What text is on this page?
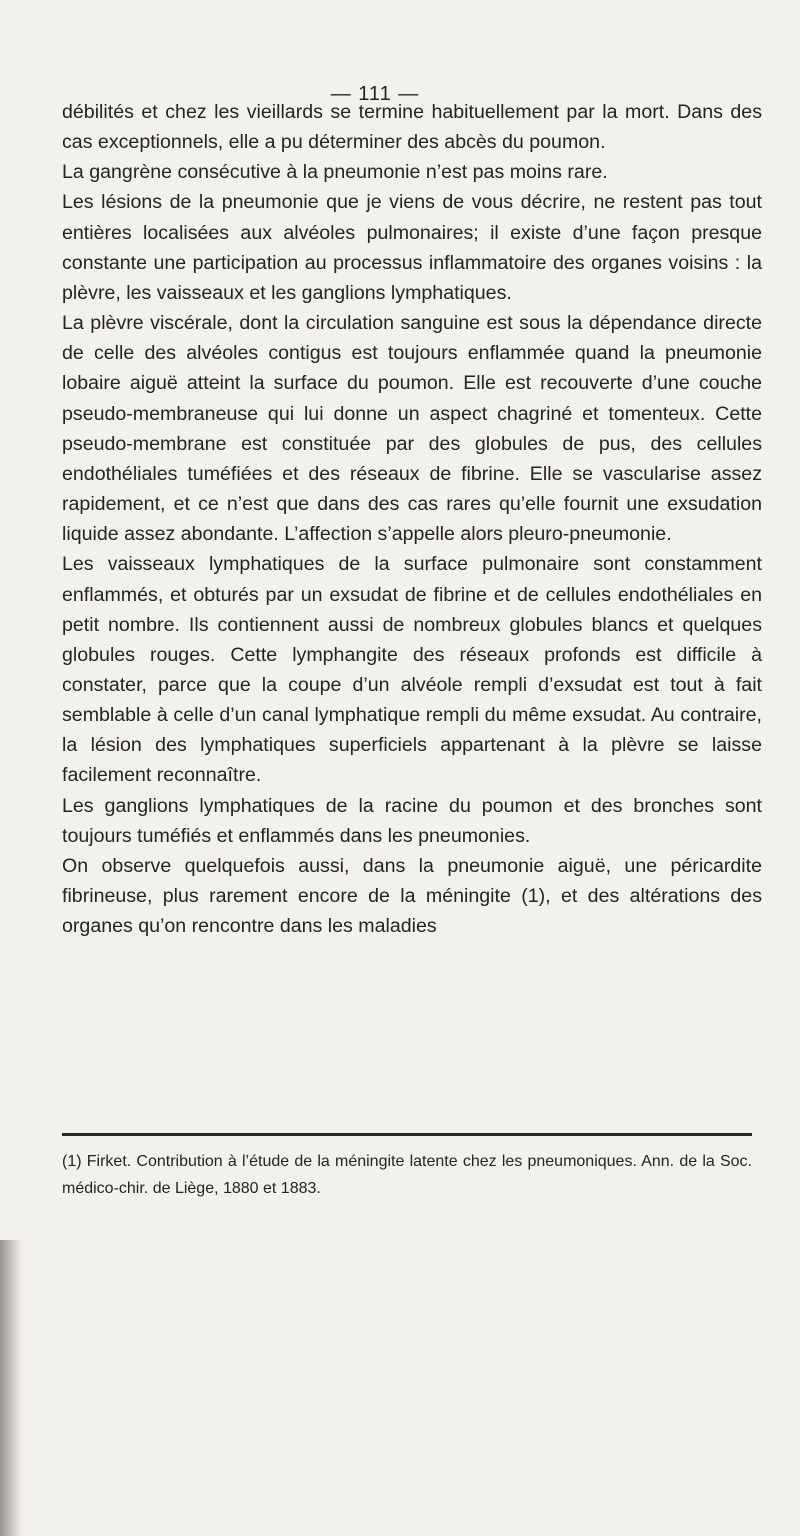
— 111 —

débilités et chez les vieillards se termine habituellement par la mort. Dans des cas exceptionnels, elle a pu déterminer des abcès du poumon.

La gangrène consécutive à la pneumonie n’est pas moins rare.

Les lésions de la pneumonie que je viens de vous décrire, ne restent pas tout entières localisées aux alvéoles pulmonaires; il existe d’une façon presque constante une participation au processus inflammatoire des organes voisins : la plèvre, les vaisseaux et les ganglions lymphatiques.

La plèvre viscérale, dont la circulation sanguine est sous la dépendance directe de celle des alvéoles contigus est toujours enflammée quand la pneumonie lobaire aiguë atteint la surface du poumon. Elle est recouverte d’une couche pseudo-membraneuse qui lui donne un aspect chagriné et tomenteux. Cette pseudo-membrane est constituée par des globules de pus, des cellules endothéliales tuméfiées et des réseaux de fibrine. Elle se vascularise assez rapidement, et ce n’est que dans des cas rares qu’elle fournit une exsudation liquide assez abondante. L’affection s’appelle alors pleuro-pneumonie.

Les vaisseaux lymphatiques de la surface pulmonaire sont constamment enflammés, et obturés par un exsudat de fibrine et de cellules endothéliales en petit nombre. Ils contiennent aussi de nombreux globules blancs et quelques globules rouges. Cette lymphangite des réseaux profonds est difficile à constater, parce que la coupe d’un alvéole rempli d’exsudat est tout à fait semblable à celle d’un canal lymphatique rempli du même exsudat. Au contraire, la lésion des lymphatiques superficiels appartenant à la plèvre se laisse facilement reconnaître.

Les ganglions lymphatiques de la racine du poumon et des bronches sont toujours tuméfiés et enflammés dans les pneumonies.

On observe quelquefois aussi, dans la pneumonie aiguë, une péricardite fibrineuse, plus rarement encore de la méningite (1), et des altérations des organes qu’on rencontre dans les maladies

(1) Firket. Contribution à l’étude de la méningite latente chez les pneumoniques. Ann. de la Soc. médico-chir. de Liège, 1880 et 1883.
